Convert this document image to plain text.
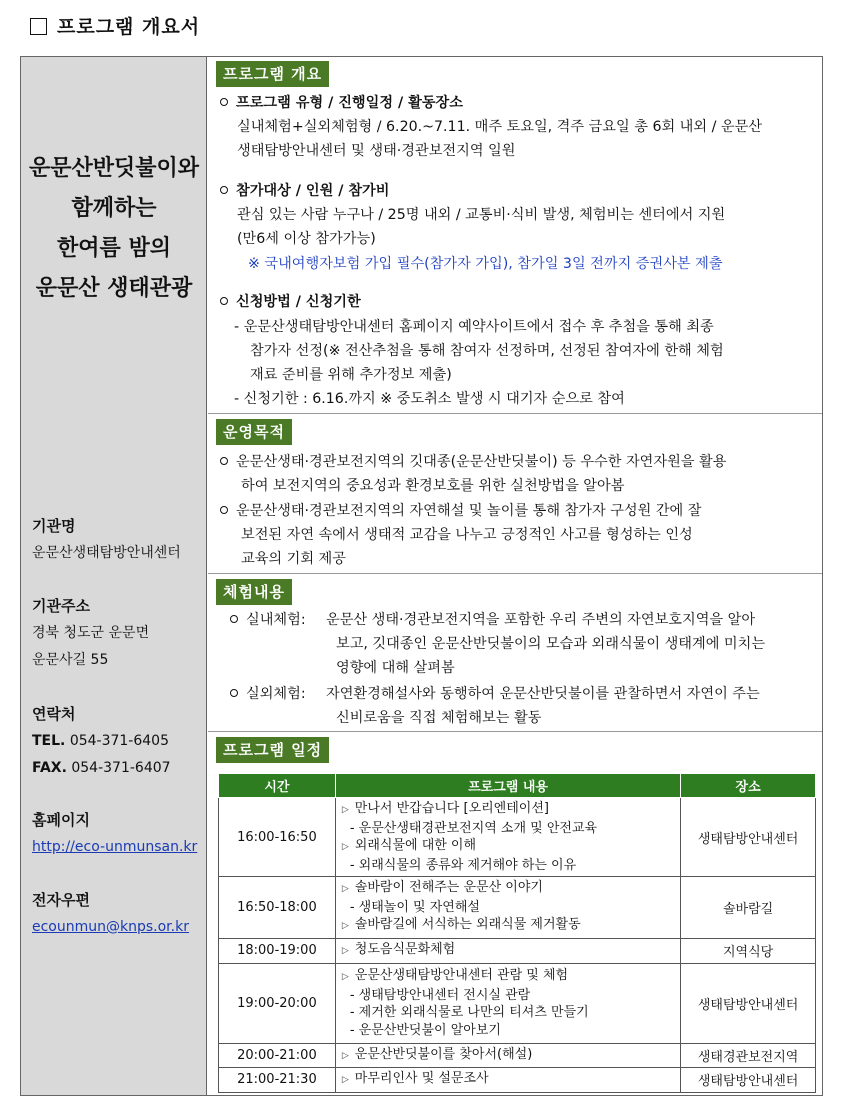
프로그램 개요서
운문산반딧불이와
함께하는
한여름 밤의
운문산 생태관광
기관명
운문산생태탐방안내센터
기관주소
경북 청도군 운문면
운문사길 55
연락처
TEL. 054-371-6405
FAX. 054-371-6407
홈페이지
http://eco-unmunsan.kr
전자우편
ecounmun@knps.or.kr
프로그램 개요
프로그램 유형 / 진행일정 / 활동장소
실내체험+실외체험형 / 6.20.~7.11. 매주 토요일, 격주 금요일 총 6회 내외 / 운문산
생태탐방안내센터 및 생태·경관보전지역 일원
참가대상 / 인원 / 참가비
관심 있는 사람 누구나 / 25명 내외 / 교통비·식비 발생, 체험비는 센터에서 지원
(만6세 이상 참가가능)
※ 국내여행자보험 가입 필수(참가자 가입), 참가일 3일 전까지 증권사본 제출
신청방법 / 신청기한
- 운문산생태탐방안내센터 홈페이지 예약사이트에서 접수 후 추첨을 통해 최종
참가자 선정(※ 전산추첨을 통해 참여자 선정하며, 선정된 참여자에 한해 체험
재료 준비를 위해 추가정보 제출)
- 신청기한 : 6.16.까지 ※ 중도취소 발생 시 대기자 순으로 참여
운영목적
운문산생태·경관보전지역의 깃대종(운문산반딧불이) 등 우수한 자연자원을 활용
하여 보전지역의 중요성과 환경보호를 위한 실천방법을 알아봄
운문산생태·경관보전지역의 자연해설 및 놀이를 통해 참가자 구성원 간에 잘
보전된 자연 속에서 생태적 교감을 나누고 긍정적인 사고를 형성하는 인성
교육의 기회 제공
체험내용
실내체험: 운문산 생태·경관보전지역을 포함한 우리 주변의 자연보호지역을 알아
보고, 깃대종인 운문산반딧불이의 모습과 외래식물이 생태계에 미치는
영향에 대해 살펴봄
실외체험: 자연환경해설사와 동행하여 운문산반딧불이를 관찰하면서 자연이 주는
신비로움을 직접 체험해보는 활동
프로그램 일정
시간	프로그램 내용	장소
16:00-16:50	▷ 만나서 반갑습니다 [오리엔테이션]
- 운문산생태경관보전지역 소개 및 안전교육
▷ 외래식물에 대한 이해
- 외래식물의 종류와 제거해야 하는 이유	생태탐방안내센터
16:50-18:00	▷ 솔바람이 전해주는 운문산 이야기
- 생태놀이 및 자연해설
▷ 솔바람길에 서식하는 외래식물 제거활동	솔바람길
18:00-19:00	▷ 청도음식문화체험	지역식당
19:00-20:00	▷ 운문산생태탐방안내센터 관람 및 체험
- 생태탐방안내센터 전시실 관람
- 제거한 외래식물로 나만의 티셔츠 만들기
- 운문산반딧불이 알아보기	생태탐방안내센터
20:00-21:00	▷ 운문산반딧불이를 찾아서(해설)	생태경관보전지역
21:00-21:30	▷ 마무리인사 및 설문조사	생태탐방안내센터
